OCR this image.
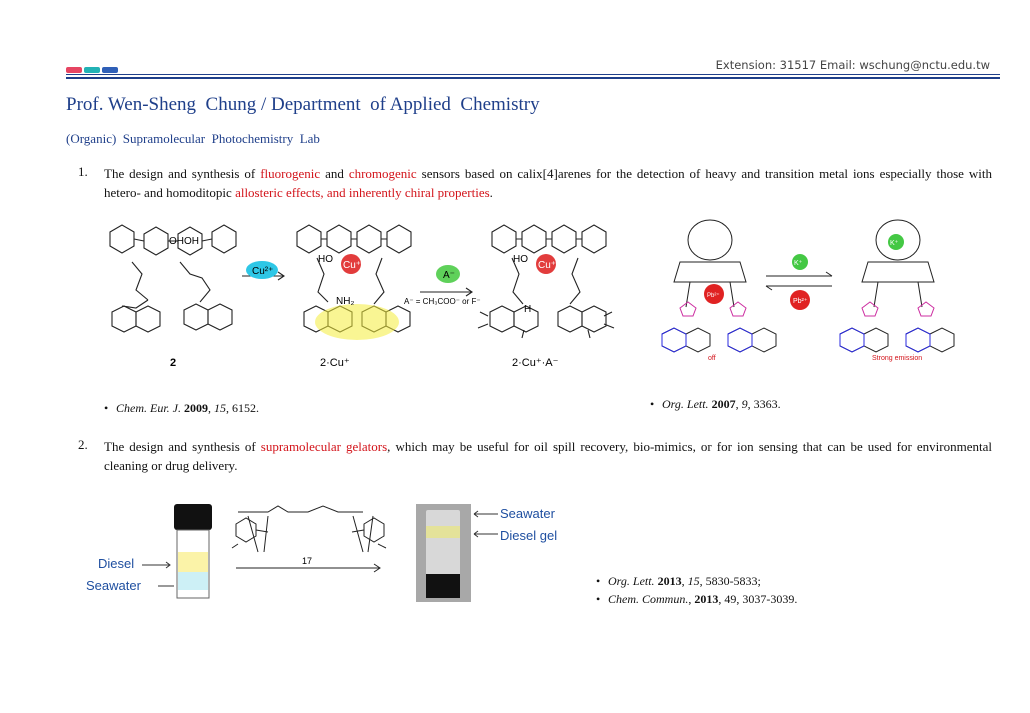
Extension: 31517 Email: wschung@nctu.edu.tw
Prof. Wen-Sheng  Chung / Department  of Applied  Chemistry
(Organic)  Supramolecular  Photochemistry  Lab
1. The design and synthesis of fluorogenic and chromogenic sensors based on calix[4]arenes for the detection of heavy and transition metal ions especially those with hetero- and homoditopic allosteric effects, and inherently chiral properties.
OHOH
HO
Cu⁺
NH₂
HO
Cu⁺
H
Cu²⁺	A⁻
A⁻ = CH₃COO⁻ or F⁻
2	2·Cu⁺	2·Cu⁺·A⁻
Pb²⁺
K⁺
K⁺
Pb²⁺
off	Strong emission
• Chem. Eur. J. 2009, 15, 6152.	• Org. Lett. 2007, 9, 3363.
2. The design and synthesis of supramolecular gelators, which may be useful for oil spill recovery, bio-mimics, or for ion sensing that can be used for environmental cleaning or drug delivery.
Diesel
Seawater
17
Seawater
Diesel gel
• Org. Lett. 2013, 15, 5830-5833;
• Chem. Commun., 2013, 49, 3037-3039.
